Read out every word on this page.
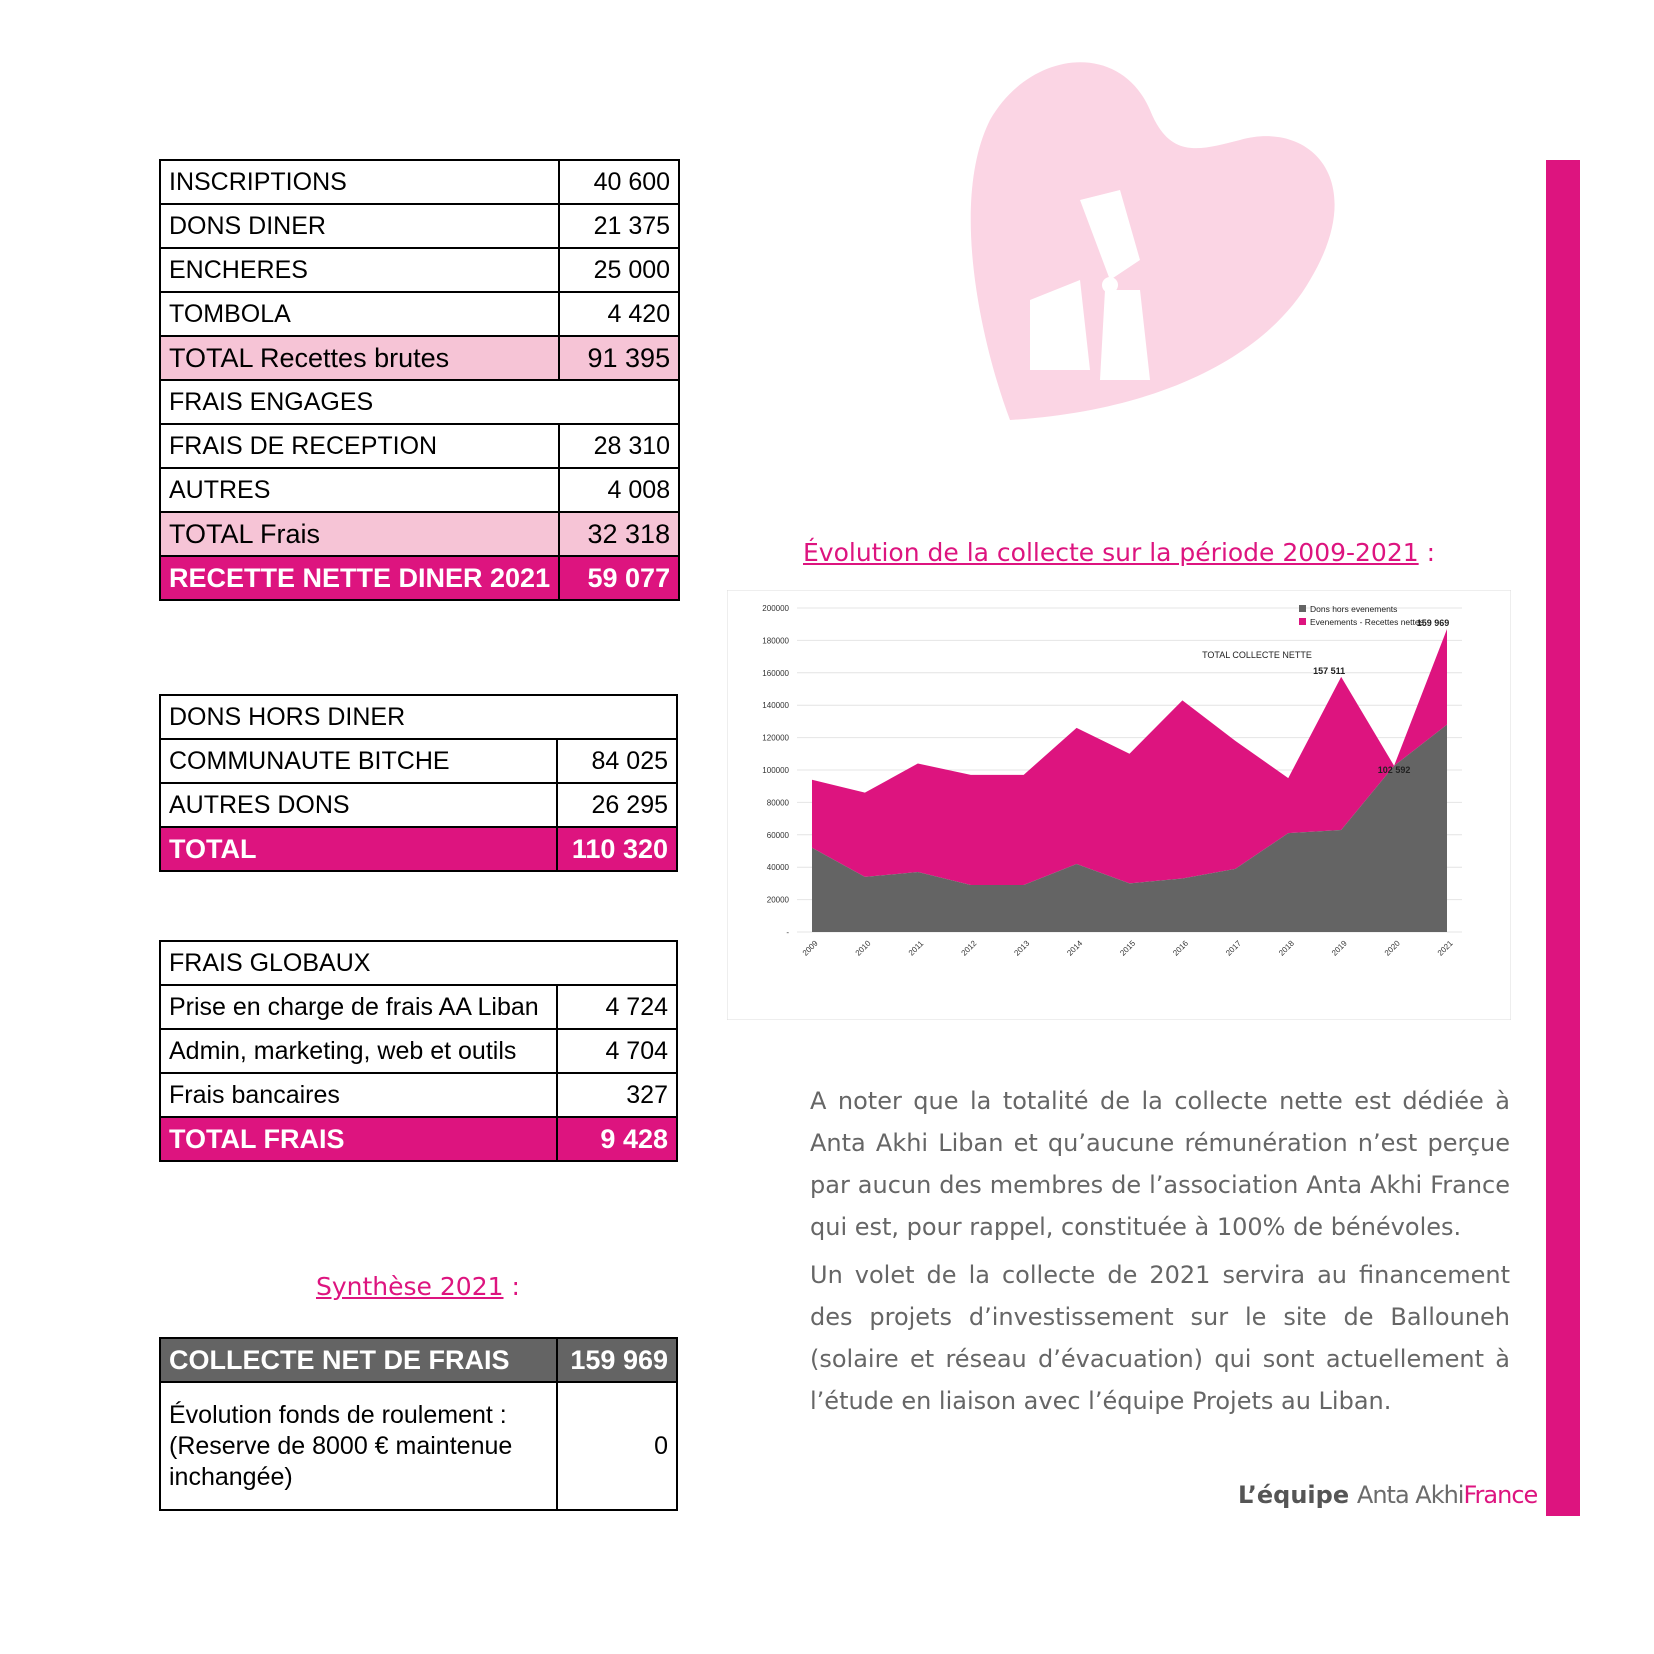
INSCRIPTIONS	40 600
DONS DINER	21 375
ENCHERES	25 000
TOMBOLA	4 420
TOTAL Recettes brutes	91 395
FRAIS ENGAGES	
FRAIS DE RECEPTION	28 310
AUTRES	4 008
TOTAL Frais	32 318
RECETTE NETTE DINER 2021	59 077
DONS HORS DINER	
COMMUNAUTE BITCHE	84 025
AUTRES DONS	26 295
TOTAL	110 320
FRAIS GLOBAUX	
Prise en charge de frais AA Liban	4 724
Admin, marketing, web et outils	4 704
Frais bancaires	327
TOTAL FRAIS	9 428
Synthèse 2021 :
COLLECTE NET DE FRAIS	159 969
Évolution fonds de roulement : (Reserve de 8000 € maintenue inchangée)	0
Évolution de la collecte sur la période 2009-2021 :
-
20000
40000
60000
80000
100000
120000
140000
160000
180000
200000
2009	2010	2011	2012	2013	2014	2015	2016	2017	2018	2019	2020	2021
TOTAL COLLECTE NETTE
Dons hors evenements
Evenements - Recettes nettes
157 511
102 592
159 969

A noter que la totalité de la collecte nette est dédiée à Anta Akhi Liban et qu’aucune rémunération n’est perçue par aucun des membres de l’association Anta Akhi France qui est, pour rappel, constituée à 100% de bénévoles.

Un volet de la collecte de 2021 servira au financement des projets d’investissement sur le site de Ballouneh (solaire et réseau d’évacuation) qui sont actuellement à l’étude en liaison avec l’équipe Projets au Liban.

L’équipe Anta AkhiFrance
